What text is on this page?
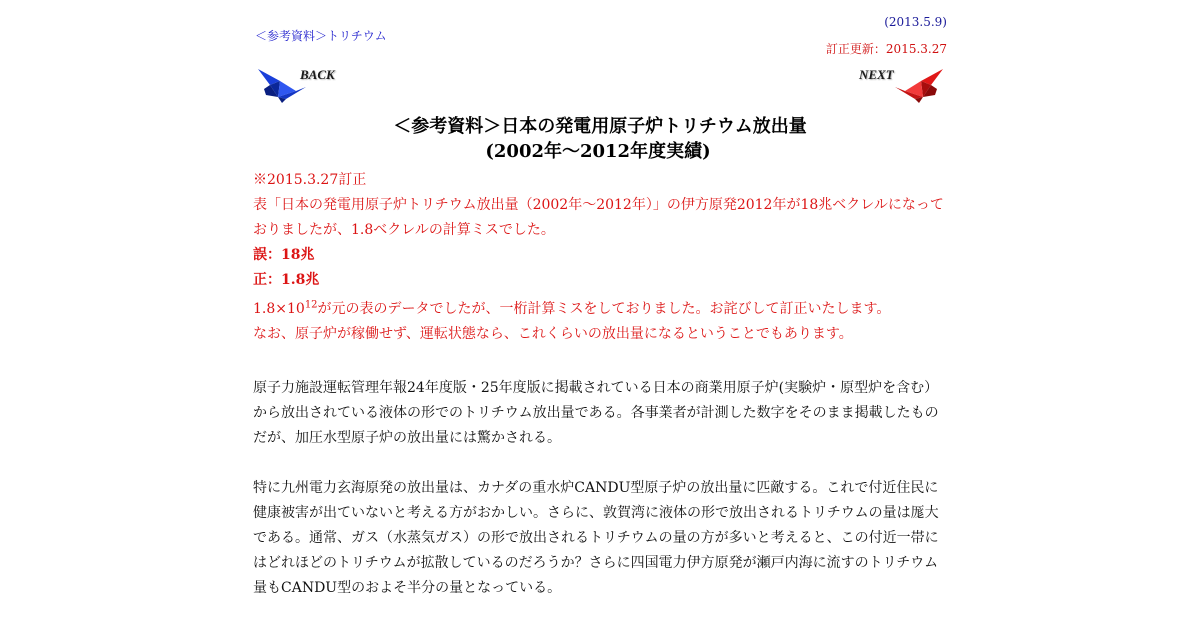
＜参考資料＞トリチウム
(2013.5.9)
訂正更新：2015.3.27
BACK	NEXT
＜参考資料＞日本の発電用原子炉トリチウム放出量
(2002年～2012年度実績)

※2015.3.27訂正

表「日本の発電用原子炉トリチウム放出量（2002年～2012年）」の伊方原発2012年が18兆ベクレルになっておりましたが、1.8ベクレルの計算ミスでした。

誤：18兆

正：1.8兆

$1.8\times 10^{12}$が元の表のデータでしたが、一桁計算ミスをしておりました。お詫びして訂正いたします。

なお、原子炉が稼働せず、運転状態なら、これくらいの放出量になるということでもあります。

原子力施設運転管理年報24年度版・25年度版に掲載されている日本の商業用原子炉(実験炉・原型炉を含む）から放出されている液体の形でのトリチウム放出量である。各事業者が計測した数字をそのまま掲載したものだが、加圧水型原子炉の放出量には驚かされる。

特に九州電力玄海原発の放出量は、カナダの重水炉CANDU型原子炉の放出量に匹敵する。これで付近住民に健康被害が出ていないと考える方がおかしい。さらに、敦賀湾に液体の形で放出されるトリチウムの量は厖大である。通常、ガス（水蒸気ガス）の形で放出されるトリチウムの量の方が多いと考えると、この付近一帯にはどれほどのトリチウムが拡散しているのだろうか？さらに四国電力伊方原発が瀬戸内海に流すのトリチウム量もCANDU型のおよそ半分の量となっている。
